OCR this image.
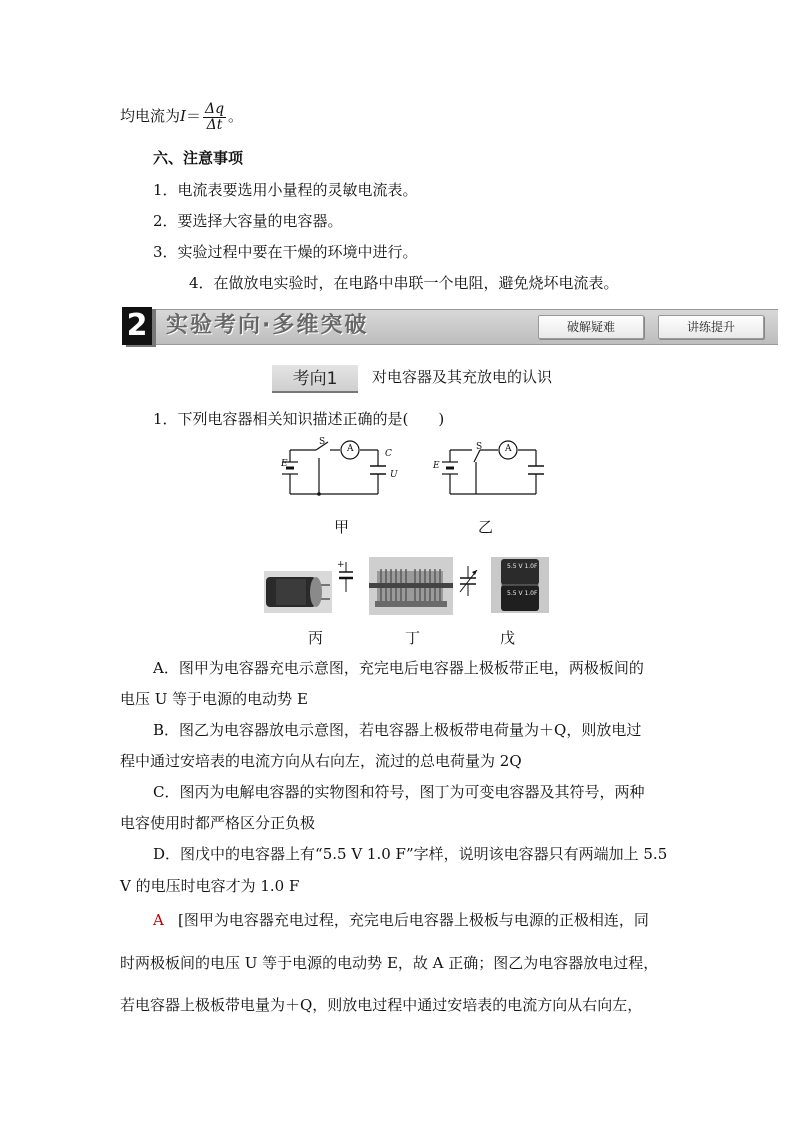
均电流为$I= \frac{\Delta q}{\Delta t}$ 。
六、注意事项
1．电流表要选用小量程的灵敏电流表。
2．要选择大容量的电容器。
3．实验过程中要在干燥的环境中进行。
4．在做放电实验时，在电路中串联一个电阻，避免烧坏电流表。
2 实验考向·多维突破	破解疑难	讲练提升
考向1	对电容器及其充放电的认识
1．下列电容器相关知识描述正确的是(　　)
E
S
A	C
U
E
S	A
甲	乙
+	5.5 V 1.0F
5.5 V 1.0F
丙	丁	戊
A．图甲为电容器充电示意图，充完电后电容器上极板带正电，两极板间的
电压 U 等于电源的电动势 E
B．图乙为电容器放电示意图，若电容器上极板带电荷量为＋Q，则放电过
程中通过安培表的电流方向从右向左，流过的总电荷量为 2Q
C．图丙为电解电容器的实物图和符号，图丁为可变电容器及其符号，两种
电容使用时都严格区分正负极
D．图戊中的电容器上有“5.5 V 1.0 F”字样，说明该电容器只有两端加上 5.5
V 的电压时电容才为 1.0 F
A [图甲为电容器充电过程，充完电后电容器上极板与电源的正极相连，同
时两极板间的电压 U 等于电源的电动势 E，故 A 正确；图乙为电容器放电过程，
若电容器上极板带电量为＋Q，则放电过程中通过安培表的电流方向从右向左，
